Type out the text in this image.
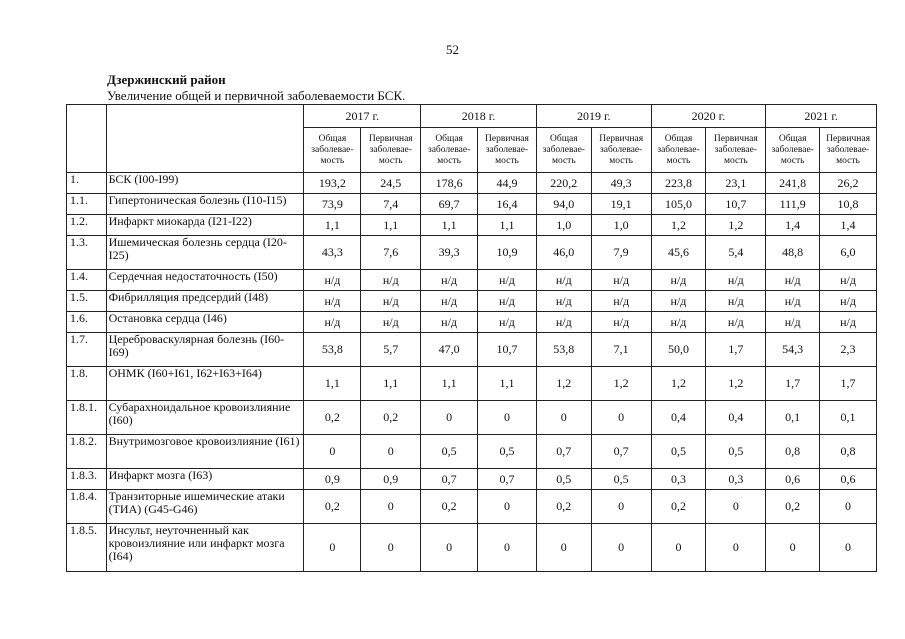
52
Дзержинский район
Увеличение общей и первичной заболеваемости БСК.
		2017 г.		2018 г.		2019 г.		2020 г.		2021 г.	
		Общая заболевае-мость	Первичная заболевае-мость	Общая заболевае-мость	Первичная заболевае-мость	Общая заболевае-мость	Первичная заболевае-мость	Общая заболевае-мость	Первичная заболевае-мость	Общая заболевае-мость	Первичная заболевае-мость
1.	БСК (I00-I99)	193,2	24,5	178,6	44,9	220,2	49,3	223,8	23,1	241,8	26,2
1.1.	Гипертоническая болезнь (I10-I15)	73,9	7,4	69,7	16,4	94,0	19,1	105,0	10,7	111,9	10,8
1.2.	Инфаркт миокарда (I21-I22)	1,1	1,1	1,1	1,1	1,0	1,0	1,2	1,2	1,4	1,4
1.3.	Ишемическая болезнь сердца (I20-I25)	43,3	7,6	39,3	10,9	46,0	7,9	45,6	5,4	48,8	6,0
1.4.	Сердечная недостаточность (I50)	н/д	н/д	н/д	н/д	н/д	н/д	н/д	н/д	н/д	н/д
1.5.	Фибрилляция предсердий (I48)	н/д	н/д	н/д	н/д	н/д	н/д	н/д	н/д	н/д	н/д
1.6.	Остановка сердца (I46)	н/д	н/д	н/д	н/д	н/д	н/д	н/д	н/д	н/д	н/д
1.7.	Цереброваскулярная болезнь (I60-I69)	53,8	5,7	47,0	10,7	53,8	7,1	50,0	1,7	54,3	2,3
1.8.	ОНМК (I60+I61, I62+I63+I64)	1,1	1,1	1,1	1,1	1,2	1,2	1,2	1,2	1,7	1,7
1.8.1.	Субарахноидальное кровоизлияние (I60)	0,2	0,2	0	0	0	0	0,4	0,4	0,1	0,1
1.8.2.	Внутримозговое кровоизлияние (I61)	0	0	0,5	0,5	0,7	0,7	0,5	0,5	0,8	0,8
1.8.3.	Инфаркт мозга (I63)	0,9	0,9	0,7	0,7	0,5	0,5	0,3	0,3	0,6	0,6
1.8.4.	Транзиторные ишемические атаки (ТИА) (G45-G46)	0,2	0	0,2	0	0,2	0	0,2	0	0,2	0
1.8.5.	Инсульт, неуточненный как кровоизлияние или инфаркт мозга (I64)	0	0	0	0	0	0	0	0	0	0
